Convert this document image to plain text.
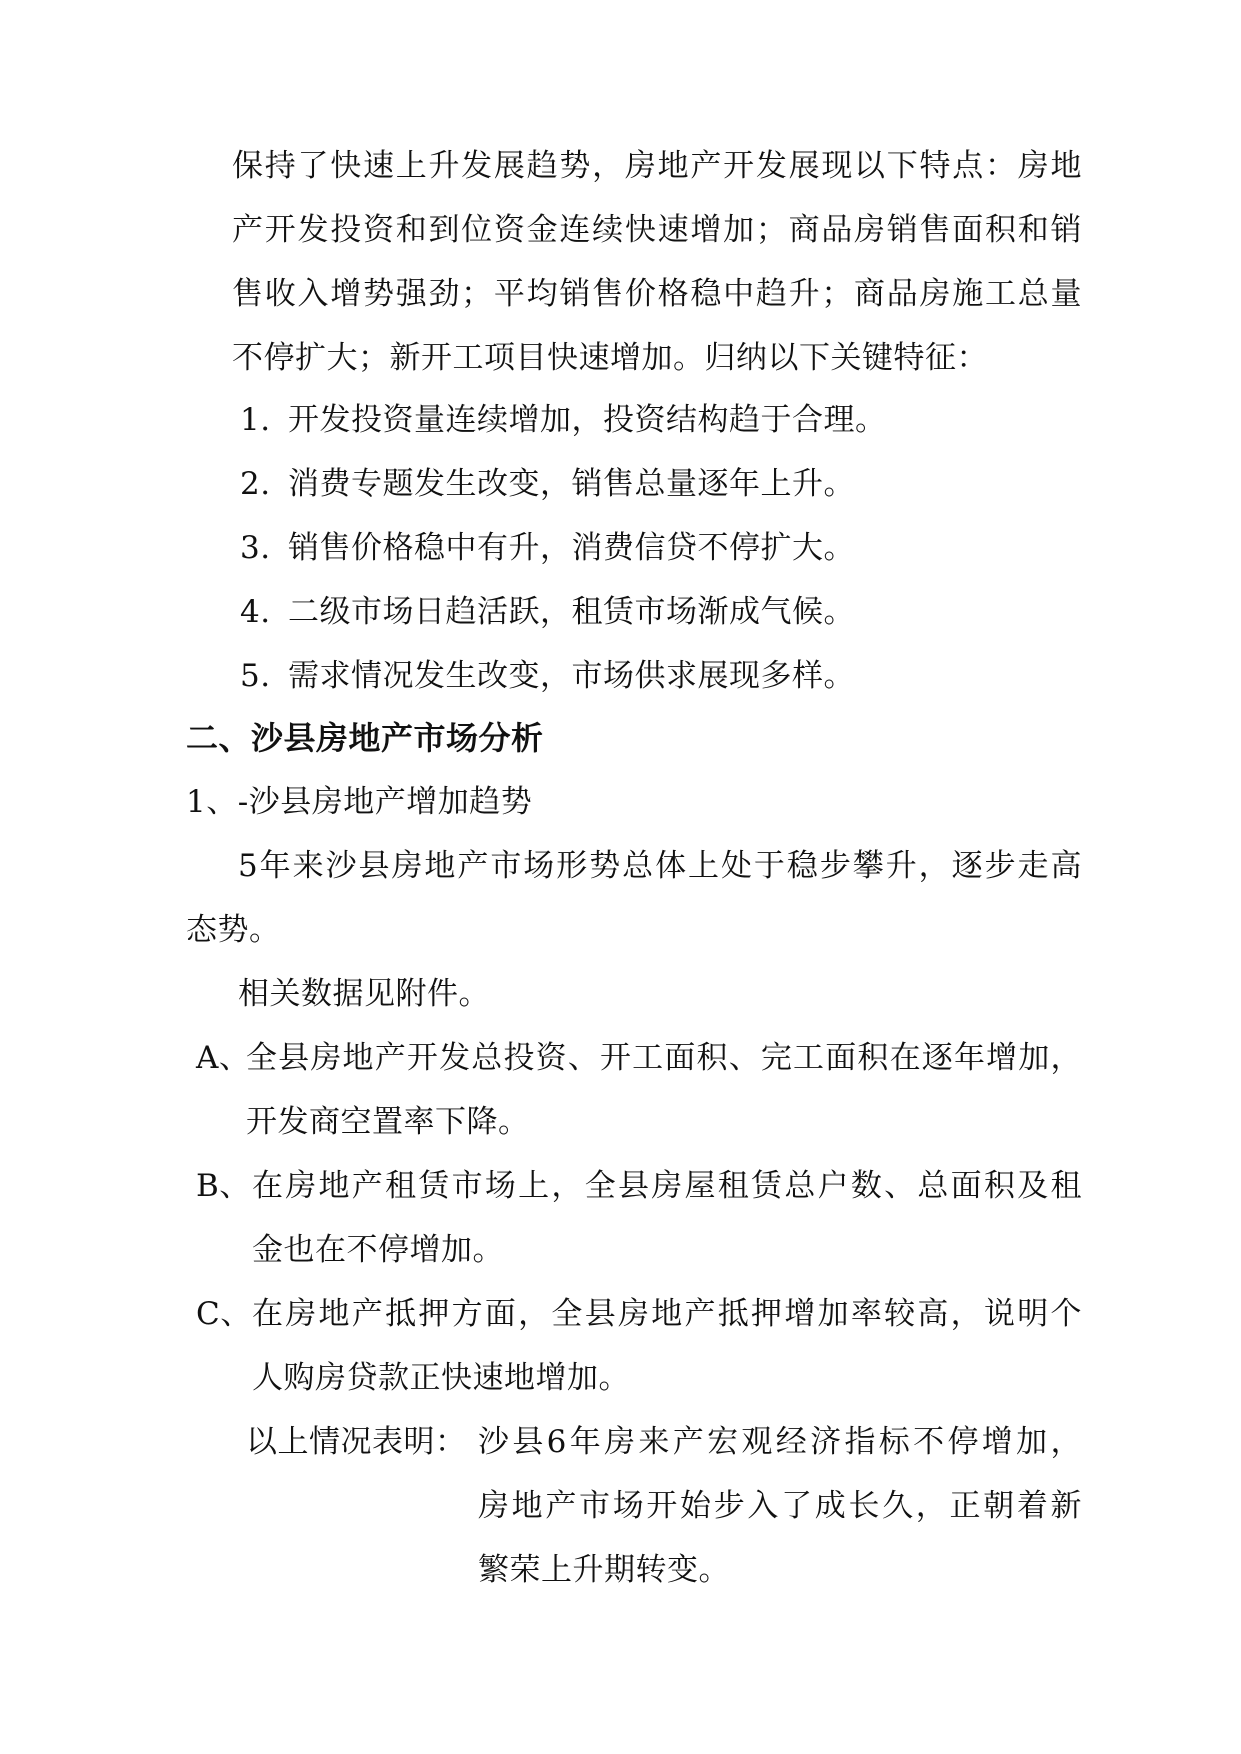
保持了快速上升发展趋势，房地产开发展现以下特点：房地
产开发投资和到位资金连续快速增加；商品房销售面积和销
售收入增势强劲；平均销售价格稳中趋升；商品房施工总量
不停扩大；新开工项目快速增加。归纳以下关键特征：
1. 开发投资量连续增加，投资结构趋于合理。
2. 消费专题发生改变，销售总量逐年上升。
3. 销售价格稳中有升，消费信贷不停扩大。
4. 二级市场日趋活跃，租赁市场渐成气候。
5. 需求情况发生改变，市场供求展现多样。
二、沙县房地产市场分析
1、-沙县房地产增加趋势
5年来沙县房地产市场形势总体上处于稳步攀升，逐步走高
态势。
相关数据见附件。
A、
全县房地产开发总投资、开工面积、完工面积在逐年增加，
开发商空置率下降。
B、 在房地产租赁市场上，全县房屋租赁总户数、总面积及租
金也在不停增加。
C、 在房地产抵押方面，全县房地产抵押增加率较高，说明个
人购房贷款正快速地增加。
以上情况表明： 沙县6年房来产宏观经济指标不停增加，
房地产市场开始步入了成长久，正朝着新
繁荣上升期转变。
